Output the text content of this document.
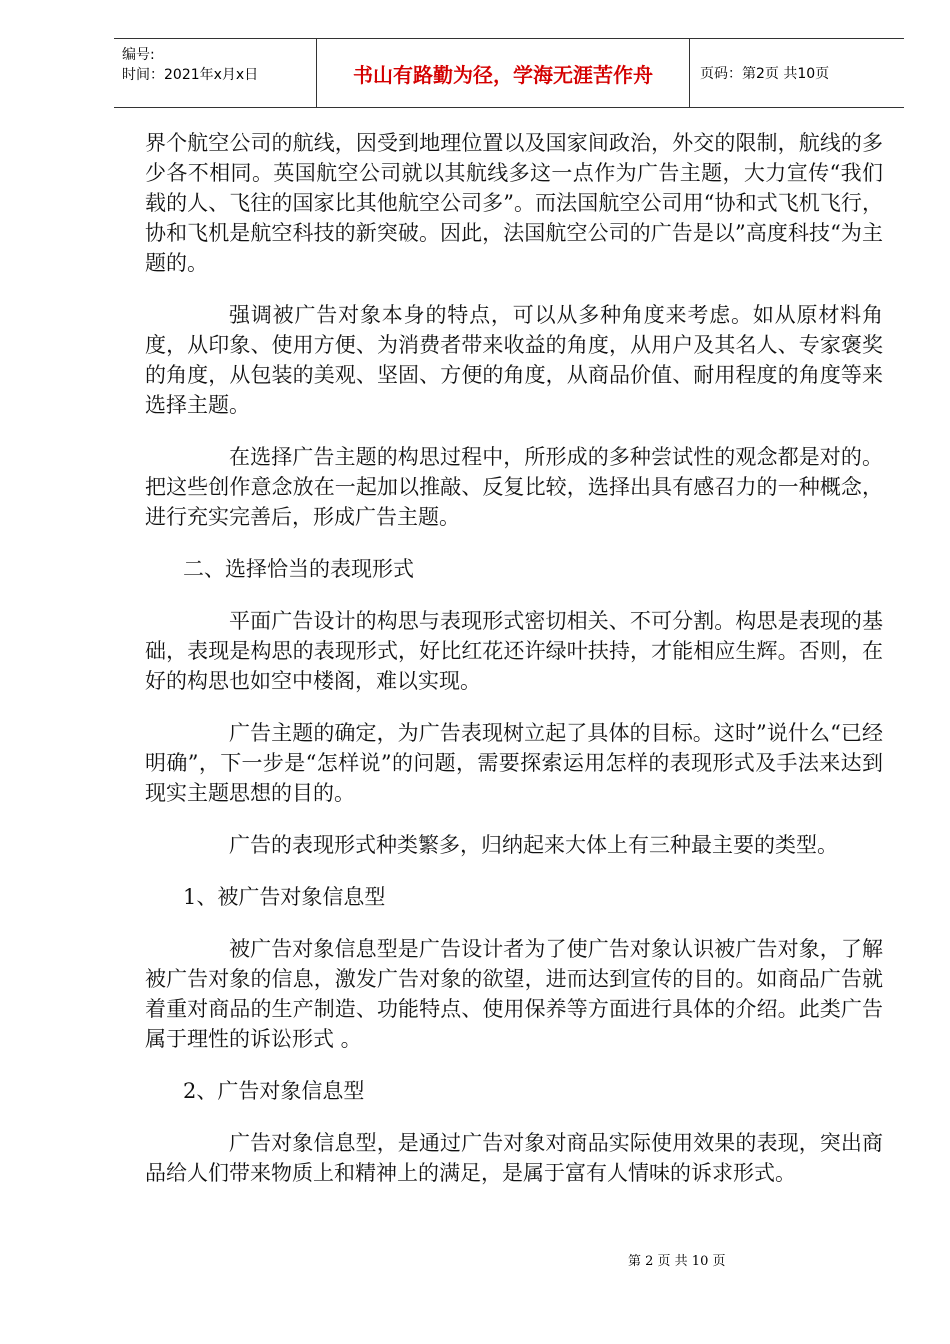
编号:
时间：2021年x月x日	书山有路勤为径，学海无涯苦作舟	页码：第2页 共10页

界个航空公司的航线，因受到地理位置以及国家间政治，外交的限制，航线的多少各不相同。英国航空公司就以其航线多这一点作为广告主题，大力宣传“我们载的人、飞往的国家比其他航空公司多”。而法国航空公司用“协和式飞机飞行，协和飞机是航空科技的新突破。因此，法国航空公司的广告是以”高度科技“为主题的。

强调被广告对象本身的特点，可以从多种角度来考虑。如从原材料角度，从印象、使用方便、为消费者带来收益的角度，从用户及其名人、专家褒奖的角度，从包装的美观、坚固、方便的角度，从商品价值、耐用程度的角度等来选择主题。

在选择广告主题的构思过程中，所形成的多种尝试性的观念都是对的。把这些创作意念放在一起加以推敲、反复比较，选择出具有感召力的一种概念，进行充实完善后，形成广告主题。

二、选择恰当的表现形式

平面广告设计的构思与表现形式密切相关、不可分割。构思是表现的基础，表现是构思的表现形式，好比红花还许绿叶扶持，才能相应生辉。否则，在好的构思也如空中楼阁，难以实现。

广告主题的确定，为广告表现树立起了具体的目标。这时”说什么“已经明确”，下一步是“怎样说”的问题，需要探索运用怎样的表现形式及手法来达到现实主题思想的目的。

广告的表现形式种类繁多，归纳起来大体上有三种最主要的类型。

1、被广告对象信息型

被广告对象信息型是广告设计者为了使广告对象认识被广告对象，了解被广告对象的信息，激发广告对象的欲望，进而达到宣传的目的。如商品广告就着重对商品的生产制造、功能特点、使用保养等方面进行具体的介绍。此类广告属于理性的诉讼形式 。

2、广告对象信息型

广告对象信息型，是通过广告对象对商品实际使用效果的表现，突出商品给人们带来物质上和精神上的满足，是属于富有人情味的诉求形式。

第 2 页 共 10 页
